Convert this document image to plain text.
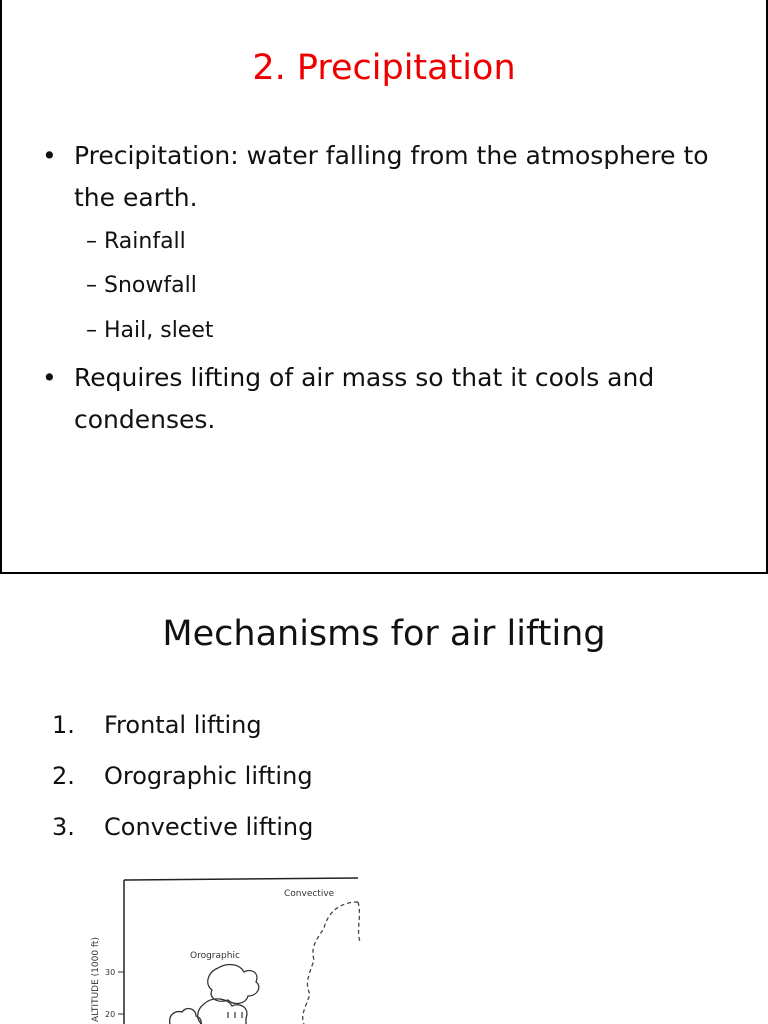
2. Precipitation
• Precipitation: water falling from the atmosphere to the earth.
– Rainfall
– Snowfall
– Hail, sleet
• Requires lifting of air mass so that it cools and condenses.
Mechanisms for air lifting
1. Frontal lifting
2. Orographic lifting
3. Convective lifting
ALTITUDE (1000 ft) 30
20
Convective
Orographic
